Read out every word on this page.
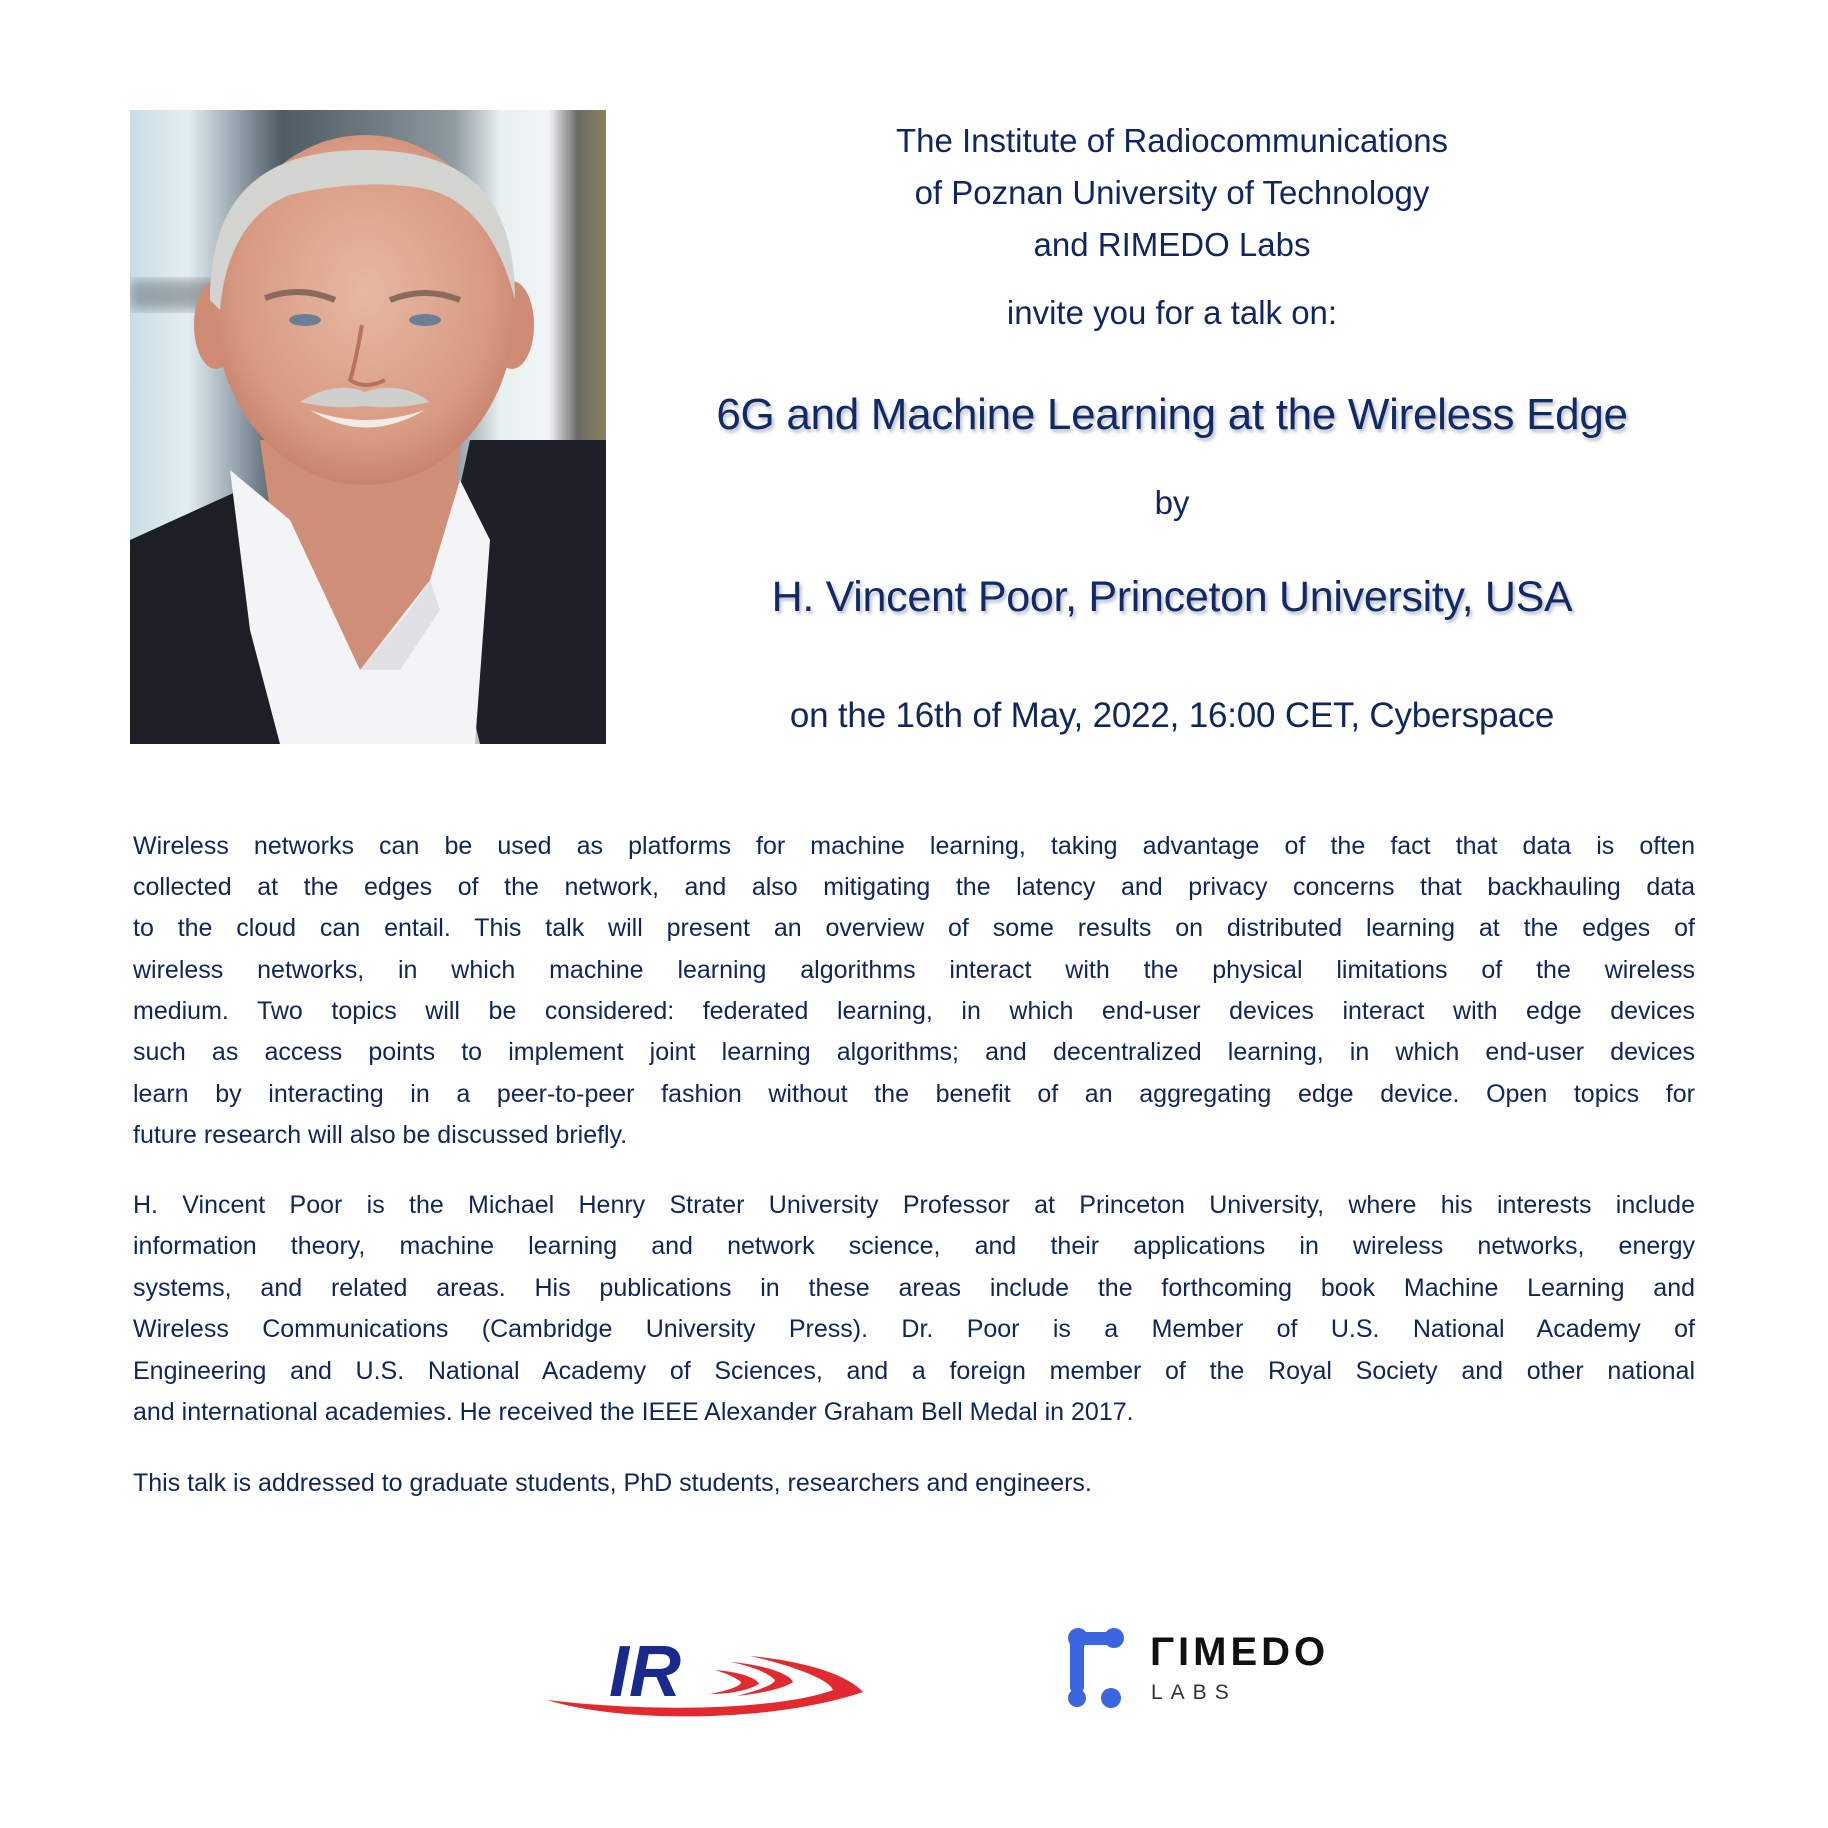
The Institute of Radiocommunications
of Poznan University of Technology
and RIMEDO Labs
invite you for a talk on:
6G and Machine Learning at the Wireless Edge
by
H. Vincent Poor, Princeton University, USA
on the 16th of May, 2022, 16:00 CET, Cyberspace
Wireless networks can be used as platforms for machine learning, taking advantage of the fact that data is often
collected at the edges of the network, and also mitigating the latency and privacy concerns that backhauling data
to the cloud can entail. This talk will present an overview of some results on distributed learning at the edges of
wireless networks, in which machine learning algorithms interact with the physical limitations of the wireless
medium. Two topics will be considered: federated learning, in which end-user devices interact with edge devices
such as access points to implement joint learning algorithms; and decentralized learning, in which end-user devices
learn by interacting in a peer-to-peer fashion without the benefit of an aggregating edge device. Open topics for
future research will also be discussed briefly.
H. Vincent Poor is the Michael Henry Strater University Professor at Princeton University, where his interests include
information theory, machine learning and network science, and their applications in wireless networks, energy
systems, and related areas. His publications in these areas include the forthcoming book Machine Learning and
Wireless Communications (Cambridge University Press). Dr. Poor is a Member of U.S. National Academy of
Engineering and U.S. National Academy of Sciences, and a foreign member of the Royal Society and other national
and international academies. He received the IEEE Alexander Graham Bell Medal in 2017.
This talk is addressed to graduate students, PhD students, researchers and engineers.
IR	ΓIMEDO
LABS
